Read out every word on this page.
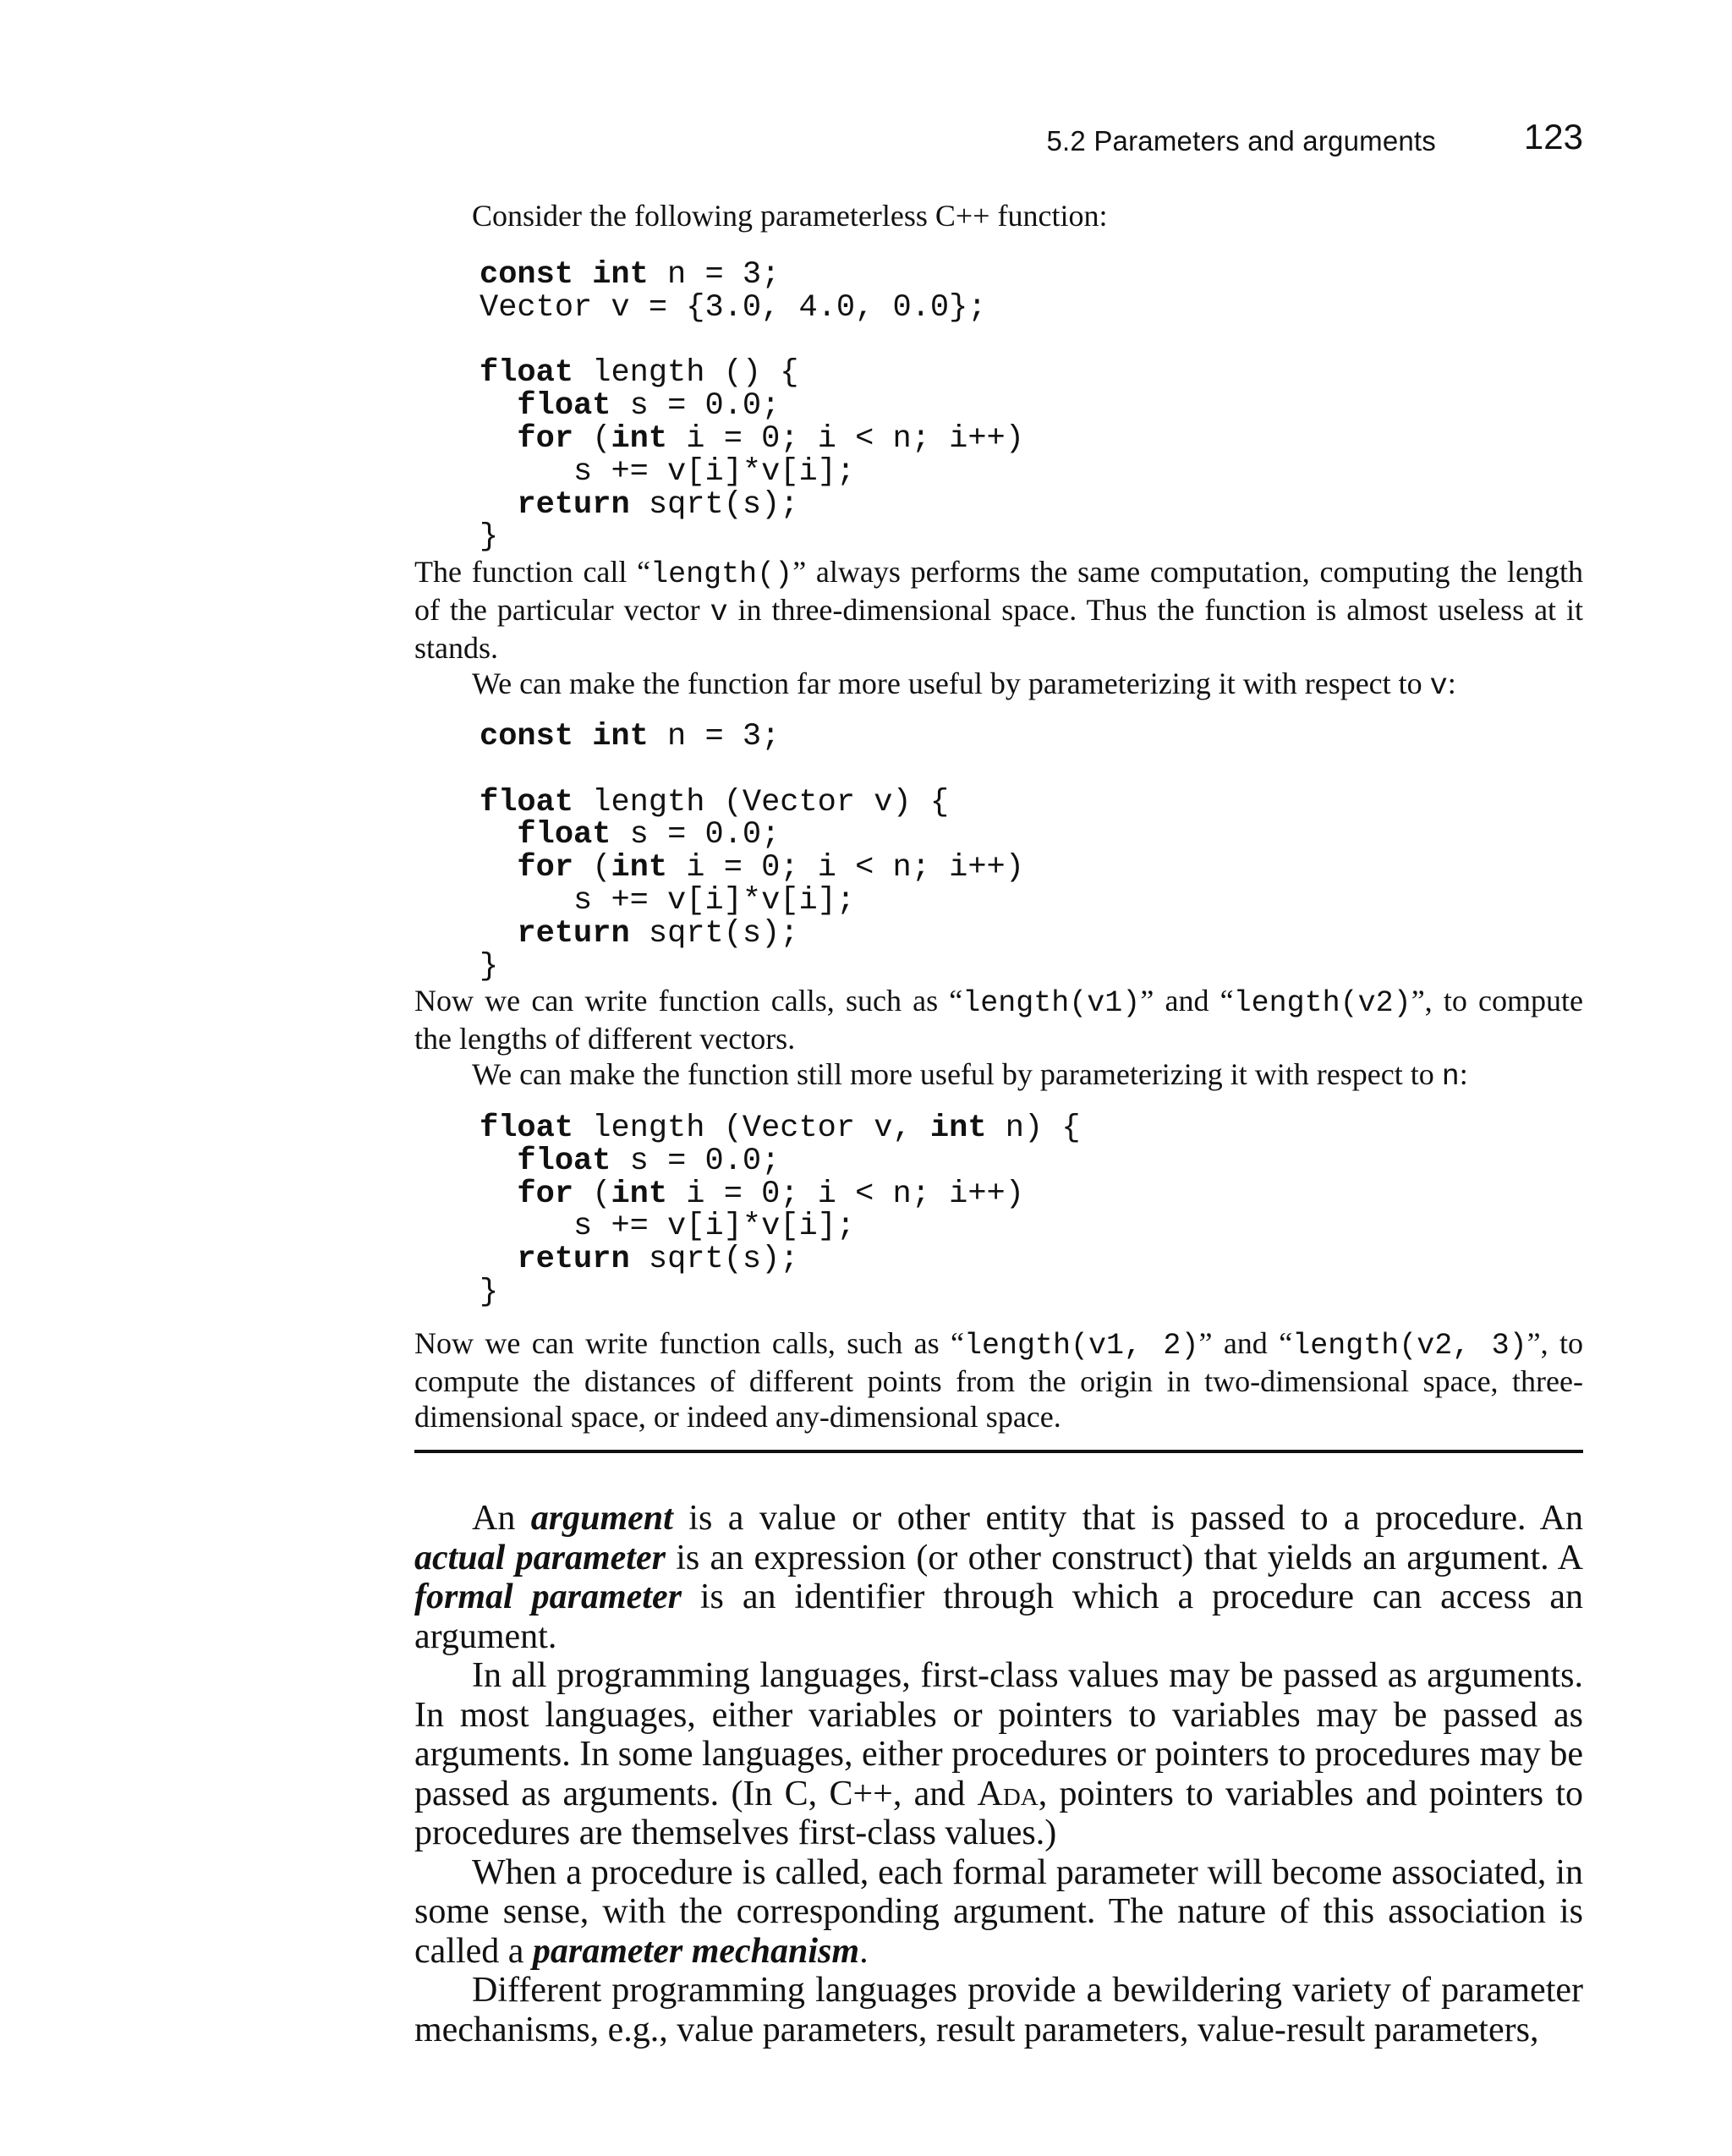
5.2 Parameters and arguments 123

Consider the following parameterless C++ function:

const int n = 3;
Vector v = {3.0, 4.0, 0.0};

float length () {
float s = 0.0;
for (int i = 0; i < n; i++)
s += v[i]*v[i];
return sqrt(s);
}

The function call “length()” always performs the same computation, computing the length of the particular vector v in three-dimensional space. Thus the function is almost useless at it stands.

We can make the function far more useful by parameterizing it with respect to v:

const int n = 3;

float length (Vector v) {
float s = 0.0;
for (int i = 0; i < n; i++)
s += v[i]*v[i];
return sqrt(s);
}

Now we can write function calls, such as “length(v1)” and “length(v2)”, to compute the lengths of different vectors.

We can make the function still more useful by parameterizing it with respect to n:

float length (Vector v, int n) {
float s = 0.0;
for (int i = 0; i < n; i++)
s += v[i]*v[i];
return sqrt(s);
}

Now we can write function calls, such as “length(v1, 2)” and “length(v2, 3)”, to compute the distances of different points from the origin in two-dimensional space, three-dimensional space, or indeed any-dimensional space.

An argument is a value or other entity that is passed to a procedure. An actual parameter is an expression (or other construct) that yields an argument. A formal parameter is an identifier through which a procedure can access an argument.

In all programming languages, first-class values may be passed as arguments. In most languages, either variables or pointers to variables may be passed as arguments. In some languages, either procedures or pointers to procedures may be passed as arguments. (In C, C++, and Ada, pointers to variables and pointers to procedures are themselves first-class values.)

When a procedure is called, each formal parameter will become associated, in some sense, with the corresponding argument. The nature of this association is called a parameter mechanism.

Different programming languages provide a bewildering variety of parameter mechanisms, e.g., value parameters, result parameters, value-result parameters,
